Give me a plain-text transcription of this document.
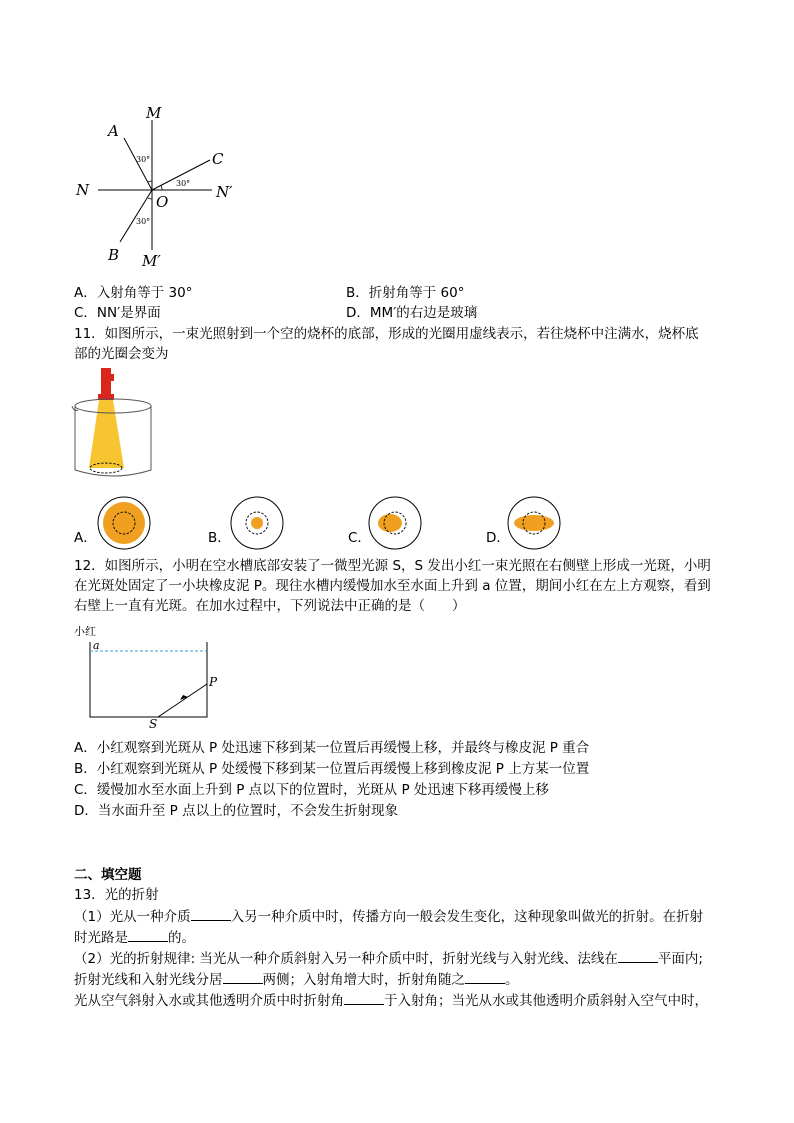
M
M′
N	N′
A
B
C
O
30°
30°
30°
A．入射角等于 30°	B．折射角等于 60°
C．NN′是界面	D．MM′的右边是玻璃
11．如图所示，一束光照射到一个空的烧杯的底部，形成的光圈用虚线表示，若往烧杯中注满水，烧杯底
部的光圈会变为
A．	B．	C．	D．
12．如图所示，小明在空水槽底部安装了一微型光源 S，S 发出小红一束光照在右侧壁上形成一光斑，小明
在光斑处固定了一小块橡皮泥 P。现往水槽内缓慢加水至水面上升到 a 位置，期间小红在左上方观察，看到
右壁上一直有光斑。在加水过程中，下列说法中正确的是（　　）
小红
a
P
S
A．小红观察到光斑从 P 处迅速下移到某一位置后再缓慢上移，并最终与橡皮泥 P 重合
B．小红观察到光斑从 P 处缓慢下移到某一位置后再缓慢上移到橡皮泥 P 上方某一位置
C．缓慢加水至水面上升到 P 点以下的位置时，光斑从 P 处迅速下移再缓慢上移
D．当水面升至 P 点以上的位置时，不会发生折射现象
二、填空题
13．光的折射
（1）光从一种介质	入另一种介质中时，传播方向一般会发生变化，这种现象叫做光的折射。在折射
时光路是	的。
（2）光的折射规律: 当光从一种介质斜射入另一种介质中时，折射光线与入射光线、法线在	平面内;
折射光线和入射光线分居	两侧；入射角增大时，折射角随之	。
光从空气斜射入水或其他透明介质中时折射角	于入射角；当光从水或其他透明介质斜射入空气中时，
